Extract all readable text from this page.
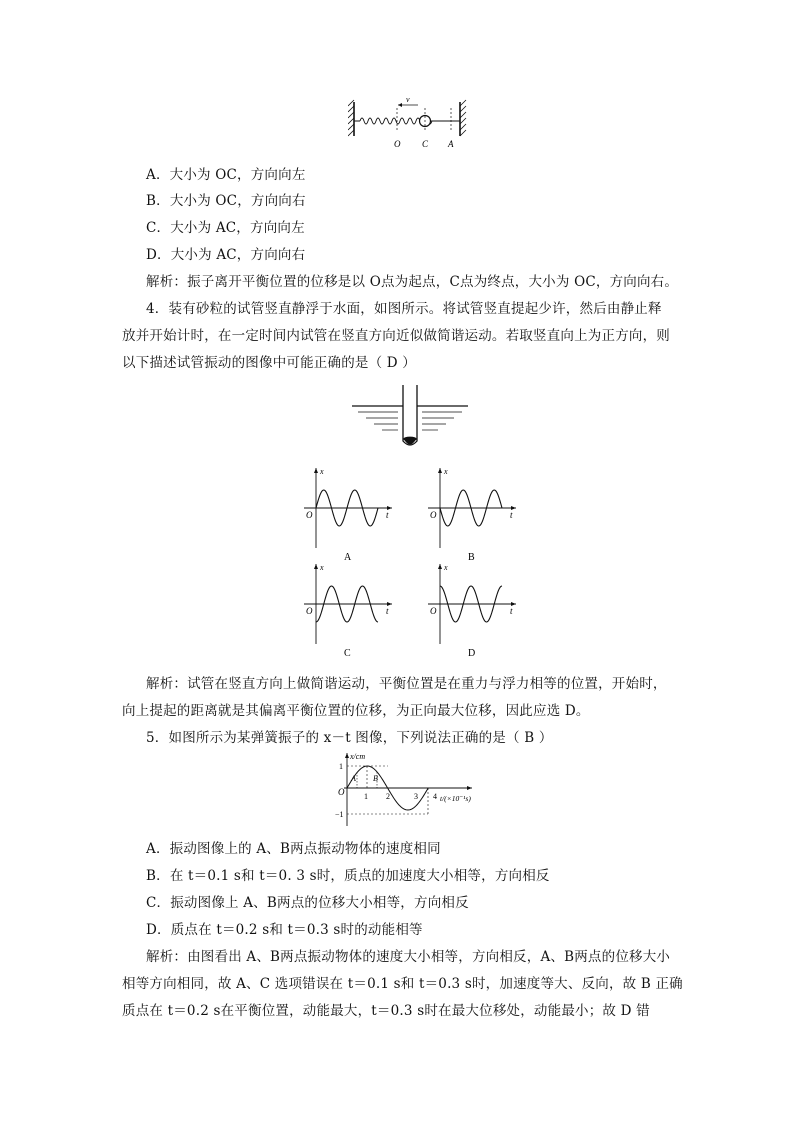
v
O C A
A．大小为 OC，方向向左
B．大小为 OC，方向向右
C．大小为 AC，方向向左
D．大小为 AC，方向向右
解析：振子离开平衡位置的位移是以 O点为起点，C点为终点，大小为 OC，方向向右。
4．装有砂粒的试管竖直静浮于水面，如图所示。将试管竖直提起少许，然后由静止释
放并开始计时，在一定时间内试管在竖直方向近似做简谐运动。若取竖直向上为正方向，则
以下描述试管振动的图像中可能正确的是（ D ）
O	t
x
A
O	t
x
B
O	t
x
C
O	t
x
D
解析：试管在竖直方向上做简谐运动，平衡位置是在重力与浮力相等的位置，开始时，
向上提起的距离就是其偏离平衡位置的位移，为正向最大位移，因此应选 D。
5．如图所示为某弹簧振子的 x－t 图像，下列说法正确的是（ B ）
x/cm
t/(×10⁻¹s)
O
1
−1
A B
1 2	3 4
A．振动图像上的 A、B两点振动物体的速度相同
B．在 t＝0.1 s和 t＝0. 3 s时，质点的加速度大小相等，方向相反
C．振动图像上 A、B两点的位移大小相等，方向相反
D．质点在 t＝0.2 s和 t＝0.3 s时的动能相等
解析：由图看出 A、B两点振动物体的速度大小相等，方向相反，A、B两点的位移大小
相等方向相同，故 A、C 选项错误在 t＝0.1 s和 t＝0.3 s时，加速度等大、反向，故 B 正确
质点在 t＝0.2 s在平衡位置，动能最大，t＝0.3 s时在最大位移处，动能最小；故 D 错
